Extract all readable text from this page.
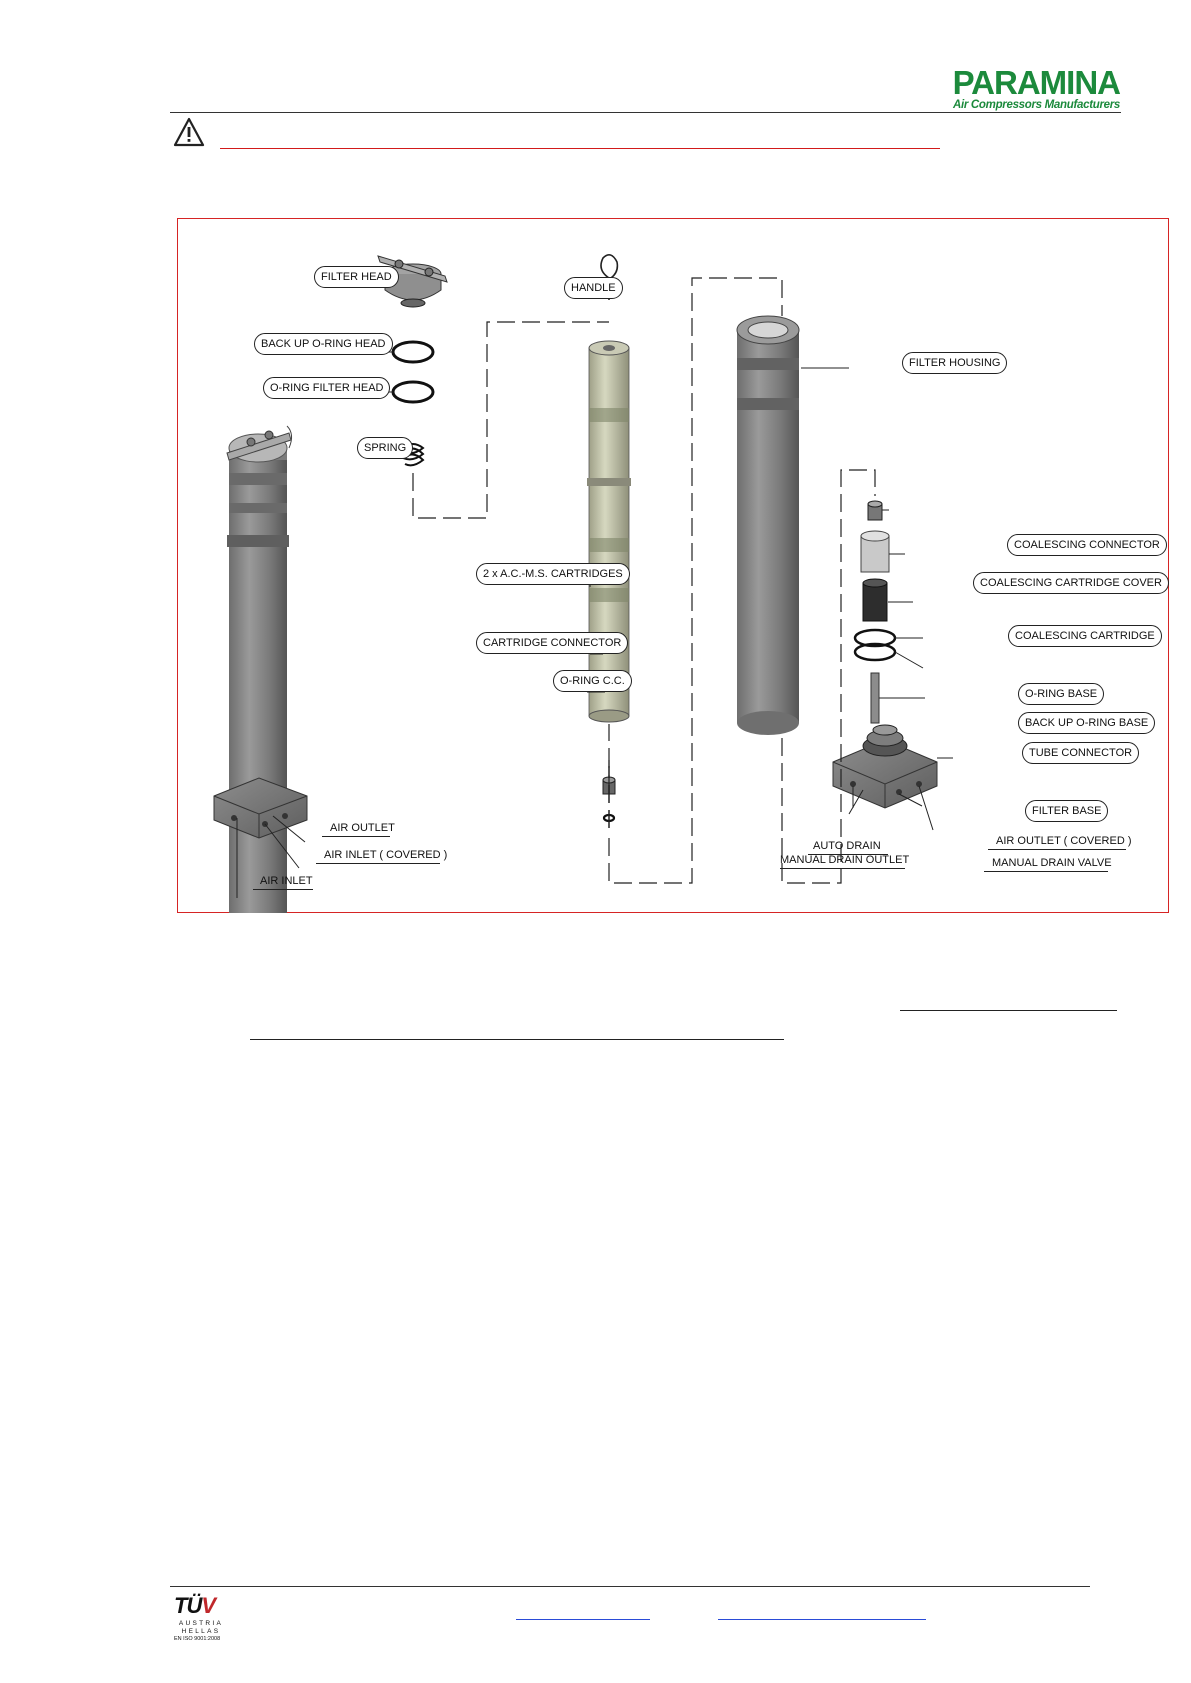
PARAMINA
Air Compressors Manufacturers
FILTER HEAD
BACK UP O-RING HEAD
O-RING FILTER HEAD
SPRING
HANDLE
2 x A.C.-M.S. CARTRIDGES
CARTRIDGE CONNECTOR
O-RING C.C.
FILTER HOUSING
COALESCING CONNECTOR
COALESCING CARTRIDGE COVER
COALESCING CARTRIDGE
O-RING BASE
BACK UP O-RING BASE
TUBE CONNECTOR
FILTER BASE
AIR OUTLET
AIR INLET ( COVERED )
AIR INLET
AUTO DRAIN
MANUAL DRAIN OUTLET
AIR OUTLET ( COVERED )
MANUAL DRAIN VALVE
TÜV
AUSTRIA
HELLAS
EN ISO 9001:2008
